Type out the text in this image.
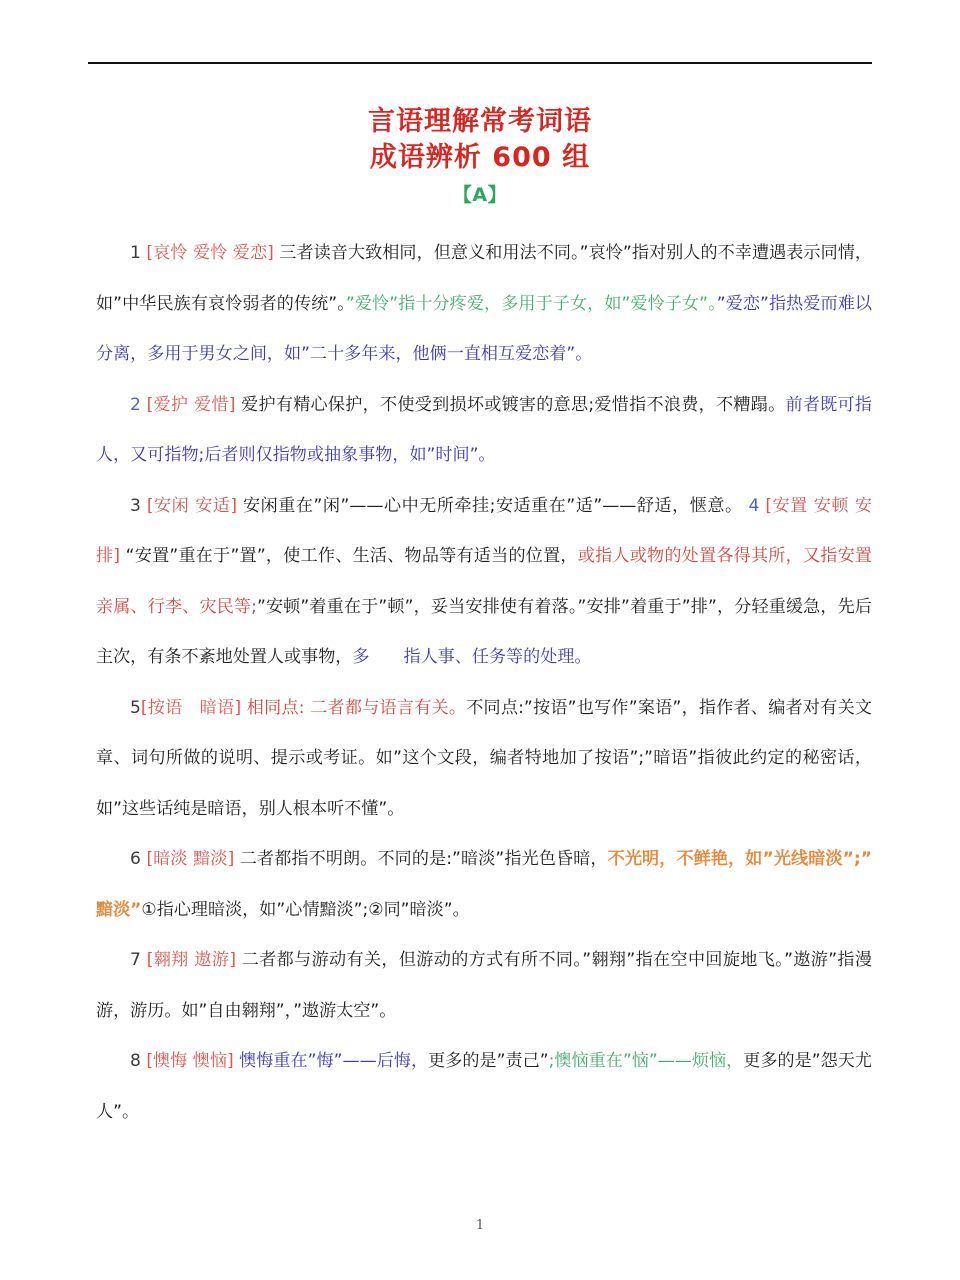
言语理解常考词语
成语辨析 600 组
【A】

1 [哀怜 爱怜 爱恋] 三者读音大致相同，但意义和用法不同。”哀怜”指对别人的不幸遭遇表示同情，如”中华民族有哀怜弱者的传统”。”爱怜”指十分疼爱，多用于子女，如”爱怜子女”。”爱恋”指热爱而难以分离，多用于男女之间，如”二十多年来，他俩一直相互爱恋着”。

2 [爱护 爱惜] 爱护有精心保护，不使受到损坏或镀害的意思;爱惜指不浪费，不糟蹋。前者既可指人，又可指物;后者则仅指物或抽象事物，如”时间”。

3 [安闲 安适] 安闲重在”闲”——心中无所牵挂;安适重在”适”——舒适，惬意。 4 [安置 安顿 安排] “安置”重在于”置”，使工作、生活、物品等有适当的位置，或指人或物的处置各得其所，又指安置亲属、行李、灾民等;”安顿”着重在于”顿”，妥当安排使有着落。”安排”着重于”排”，分轻重缓急，先后主次，有条不紊地处置人或事物，多 指人事、任务等的处理。

5[按语　暗语] 相同点: 二者都与语言有关。不同点:”按语”也写作”案语”，指作者、编者对有关文章、词句所做的说明、提示或考证。如”这个文段，编者特地加了按语”;”暗语”指彼此约定的秘密话，如”这些话纯是暗语，别人根本听不懂”。

6 [暗淡 黯淡] 二者都指不明朗。不同的是:”暗淡”指光色昏暗，不光明，不鲜艳，如”光线暗淡”;”黯淡”①指心理暗淡，如”心情黯淡”;②同”暗淡”。

7 [翱翔 遨游] 二者都与游动有关，但游动的方式有所不同。”翱翔”指在空中回旋地飞。”遨游”指漫游，游历。如”自由翱翔”，”遨游太空”。

8 [懊悔 懊恼] 懊悔重在”悔”——后悔，更多的是”责己”;懊恼重在”恼”——烦恼，更多的是”怨天尤人”。

1
